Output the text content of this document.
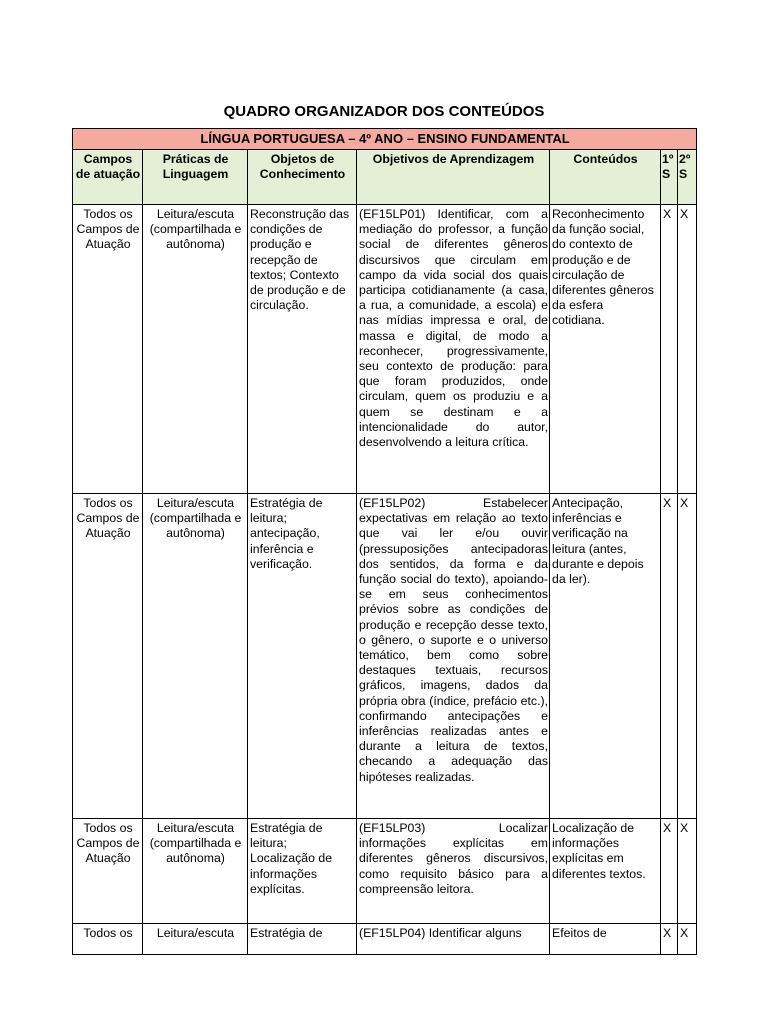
QUADRO ORGANIZADOR DOS CONTEÚDOS
LÍNGUA PORTUGUESA – 4º ANO – ENSINO FUNDAMENTAL						
Campos de atuação	Práticas de Linguagem	Objetos de Conhecimento	Objetivos de Aprendizagem	Conteúdos	1º S	2º S
Todos os Campos de Atuação	Leitura/escuta (compartilhada e autônoma)	Reconstrução das condições de produção e recepção de textos; Contexto de produção e de circulação.	(EF15LP01) Identificar, com a mediação do professor, a função social de diferentes gêneros discursivos que circulam em campo da vida social dos quais participa cotidianamente (a casa, a rua, a comunidade, a escola) e nas mídias impressa e oral, de massa e digital, de modo a reconhecer, progressivamente, seu contexto de produção: para que foram produzidos, onde circulam, quem os produziu e a quem se destinam e a intencionalidade do autor, desenvolvendo a leitura crítica.	Reconhecimento da função social, do contexto de produção e de circulação de diferentes gêneros da esfera cotidiana.	X	X
Todos os Campos de Atuação	Leitura/escuta (compartilhada e autônoma)	Estratégia de leitura; antecipação, inferência e verificação.	(EF15LP02) Estabelecer expectativas em relação ao texto que vai ler e/ou ouvir (pressuposições antecipadoras dos sentidos, da forma e da função social do texto), apoiando-se em seus conhecimentos prévios sobre as condições de produção e recepção desse texto, o gênero, o suporte e o universo temático, bem como sobre destaques textuais, recursos gráficos, imagens, dados da própria obra (índice, prefácio etc.), confirmando antecipações e inferências realizadas antes e durante a leitura de textos, checando a adequação das hipóteses realizadas.	Antecipação, inferências e verificação na leitura (antes, durante e depois da ler).	X	X
Todos os Campos de Atuação	Leitura/escuta (compartilhada e autônoma)	Estratégia de leitura; Localização de informações explícitas.	(EF15LP03) Localizar informações explícitas em diferentes gêneros discursivos, como requisito básico para a compreensão leitora.	Localização de informações explícitas em diferentes textos.	X	X
Todos os	Leitura/escuta	Estratégia de	(EF15LP04) Identificar alguns	Efeitos de	X	X
